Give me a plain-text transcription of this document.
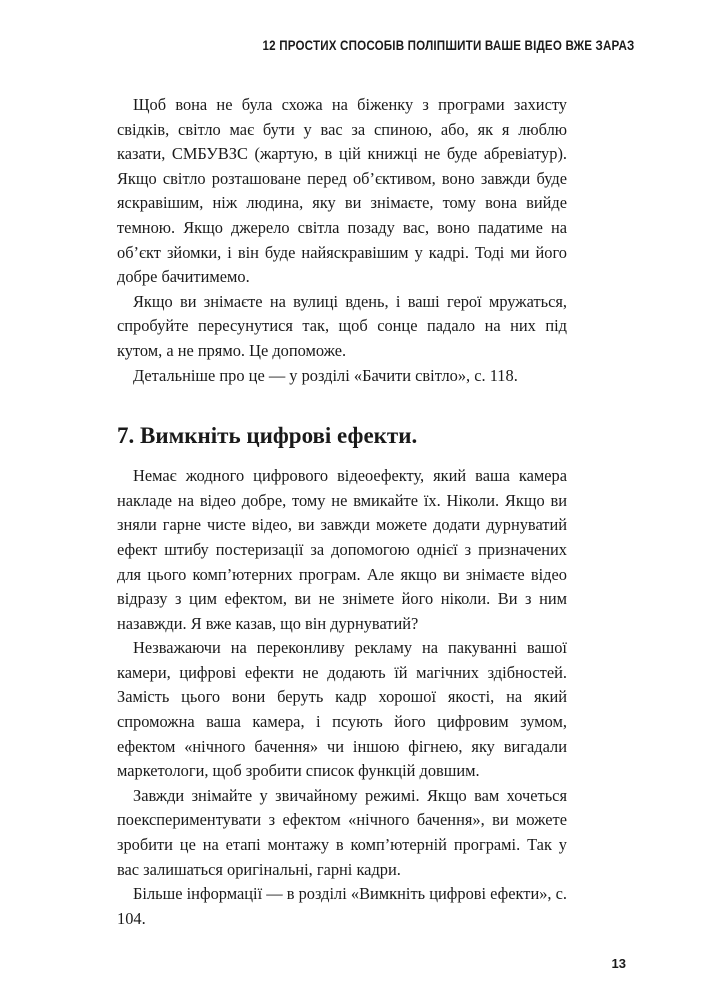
12 ПРОСТИХ СПОСОБІВ ПОЛІПШИТИ ВАШЕ ВІДЕО ВЖЕ ЗАРАЗ

Щоб вона не була схожа на біженку з програми захисту свідків, світло має бути у вас за спиною, або, як я люблю казати, СМБУВЗС (жартую, в цій книжці не буде абревіатур). Якщо світло розташоване перед об’єктивом, воно завжди буде яскравішим, ніж людина, яку ви знімаєте, тому вона вийде темною. Якщо джерело світла позаду вас, воно падатиме на об’єкт зйомки, і він буде найяскравішим у кадрі. Тоді ми його добре бачитимемо.

Якщо ви знімаєте на вулиці вдень, і ваші герої мружаться, спробуйте пересунутися так, щоб сонце падало на них під кутом, а не прямо. Це допоможе.

Детальніше про це — у розділі «Бачити світло», с. 118.

7. Вимкніть цифрові ефекти.

Немає жодного цифрового відеоефекту, який ваша камера накладе на відео добре, тому не вмикайте їх. Ніколи. Якщо ви зняли гарне чисте відео, ви завжди можете додати дурнуватий ефект штибу постеризації за допомогою однієї з призначених для цього комп’ютерних програм. Але якщо ви знімаєте відео відразу з цим ефектом, ви не знімете його ніколи. Ви з ним назавжди. Я вже казав, що він дурнуватий?

Незважаючи на переконливу рекламу на пакуванні вашої камери, цифрові ефекти не додають їй магічних здібностей. Замість цього вони беруть кадр хорошої якості, на який спроможна ваша камера, і псують його цифровим зумом, ефектом «нічного бачення» чи іншою фігнею, яку вигадали маркетологи, щоб зробити список функцій довшим.

Завжди знімайте у звичайному режимі. Якщо вам хочеться поекспериментувати з ефектом «нічного бачення», ви можете зробити це на етапі монтажу в комп’ютерній програмі. Так у вас залишаться оригінальні, гарні кадри.

Більше інформації — в розділі «Вимкніть цифрові ефекти», с. 104.

13
